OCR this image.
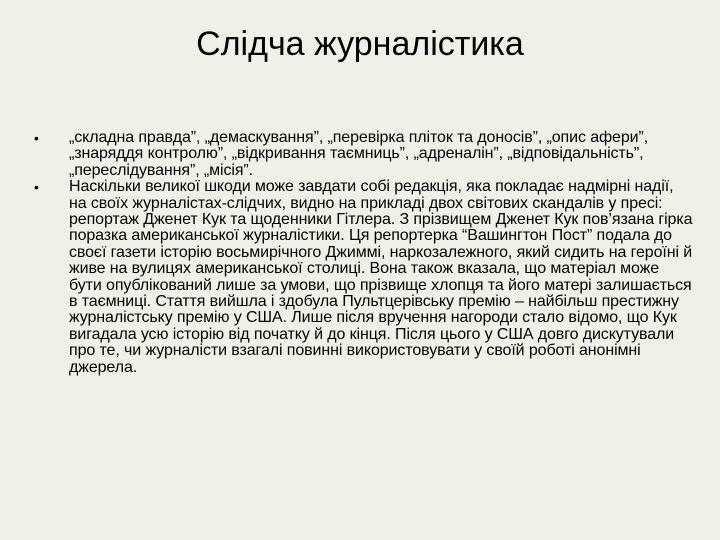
Слідча журналістика
•	„складна правда”, „демаскування”, „перевірка пліток та доносів”, „опис афери”, „знаряддя контролю”, „відкривання таємниць”, „адреналін”, „відповідальність”, „переслідування”, „місія”.
•	Наскільки великої шкоди може завдати собі редакція, яка покладає надмірні надії, на своїх журналістах-слідчих, видно на прикладі двох світових скандалів у пресі: репортаж Дженет Кук та щоденники Гітлера. З прізвищем Дженет Кук пов’язана гірка поразка американської журналістики. Ця репортерка “Вашингтон Пост” подала до своєї газети історію восьмирічного Джиммі, наркозалежного, який сидить на героїні й живе на вулицях американської столиці. Вона також вказала, що матеріал може бути опублікований лише за умови, що прізвище хлопця та його матері залишається в таємниці. Стаття вийшла і здобула Пультцерівську премію – найбільш престижну журналістську премію у США. Лише після вручення нагороди стало відомо, що Кук вигадала усю історію від початку й до кінця. Після цього у США довго дискутували про те, чи журналісти взагалі повинні використовувати у своїй роботі анонімні джерела.
